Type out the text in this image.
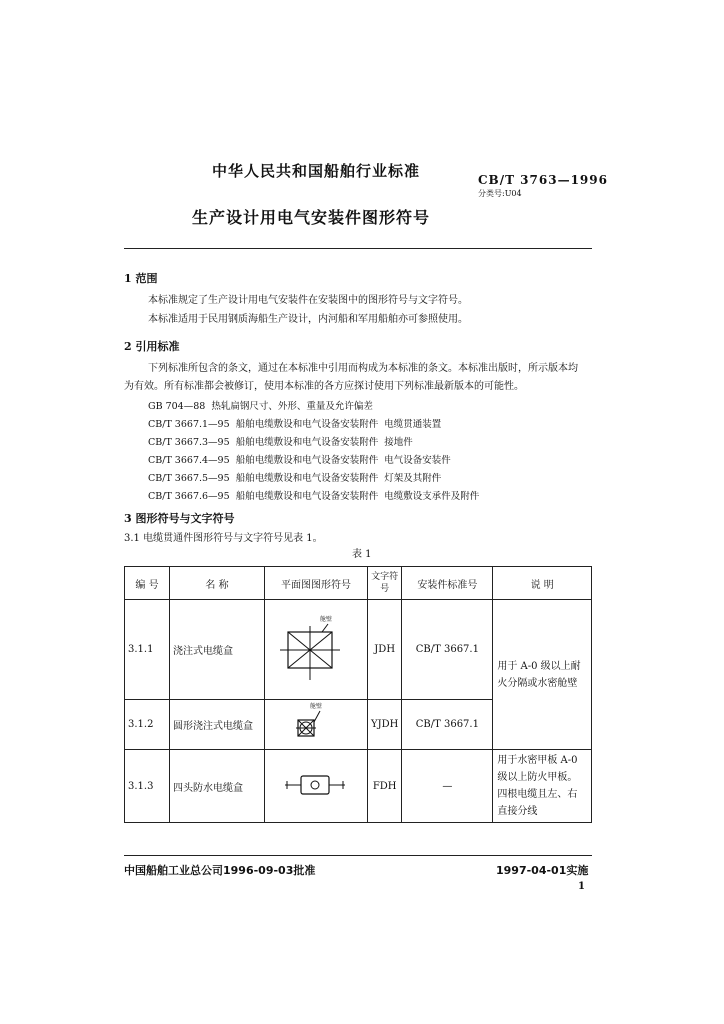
中华人民共和国船舶行业标准	CB/T 3763—1996
分类号:U04
生产设计用电气安装件图形符号
1 范围
本标准规定了生产设计用电气安装件在安装图中的图形符号与文字符号。
本标准适用于民用钢质海船生产设计，内河船和军用船舶亦可参照使用。
2 引用标准
下列标准所包含的条文，通过在本标准中引用而构成为本标准的条文。本标准出版时，所示版本均
为有效。所有标准都会被修订，使用本标准的各方应探讨使用下列标准最新版本的可能性。
GB 704—88 热轧扁钢尺寸、外形、重量及允许偏差
CB/T 3667.1—95 船舶电缆敷设和电气设备安装附件 电缆贯通装置
CB/T 3667.3—95 船舶电缆敷设和电气设备安装附件 接地件
CB/T 3667.4—95 船舶电缆敷设和电气设备安装附件 电气设备安装件
CB/T 3667.5—95 船舶电缆敷设和电气设备安装附件 灯架及其附件
CB/T 3667.6—95 船舶电缆敷设和电气设备安装附件 电缆敷设支承件及附件
3 图形符号与文字符号
3.1 电缆贯通件图形符号与文字符号见表 1。
表 1
编 号	名 称	平面图图形符号	文字符号	安装件标准号	说 明
3.1.1	浇注式电缆盒	舱壁	JDH	CB/T 3667.1	用于 A-0 级以上耐火分隔或水密舱壁
3.1.2	圆形浇注式电缆盒	舱壁	YJDH	CB/T 3667.1	
3.1.3	四头防水电缆盒		FDH	—	用于水密甲板 A-0 级以上防火甲板。
四根电缆且左、右直接分线
中国船舶工业总公司1996-09-03批准	1997-04-01实施
1
